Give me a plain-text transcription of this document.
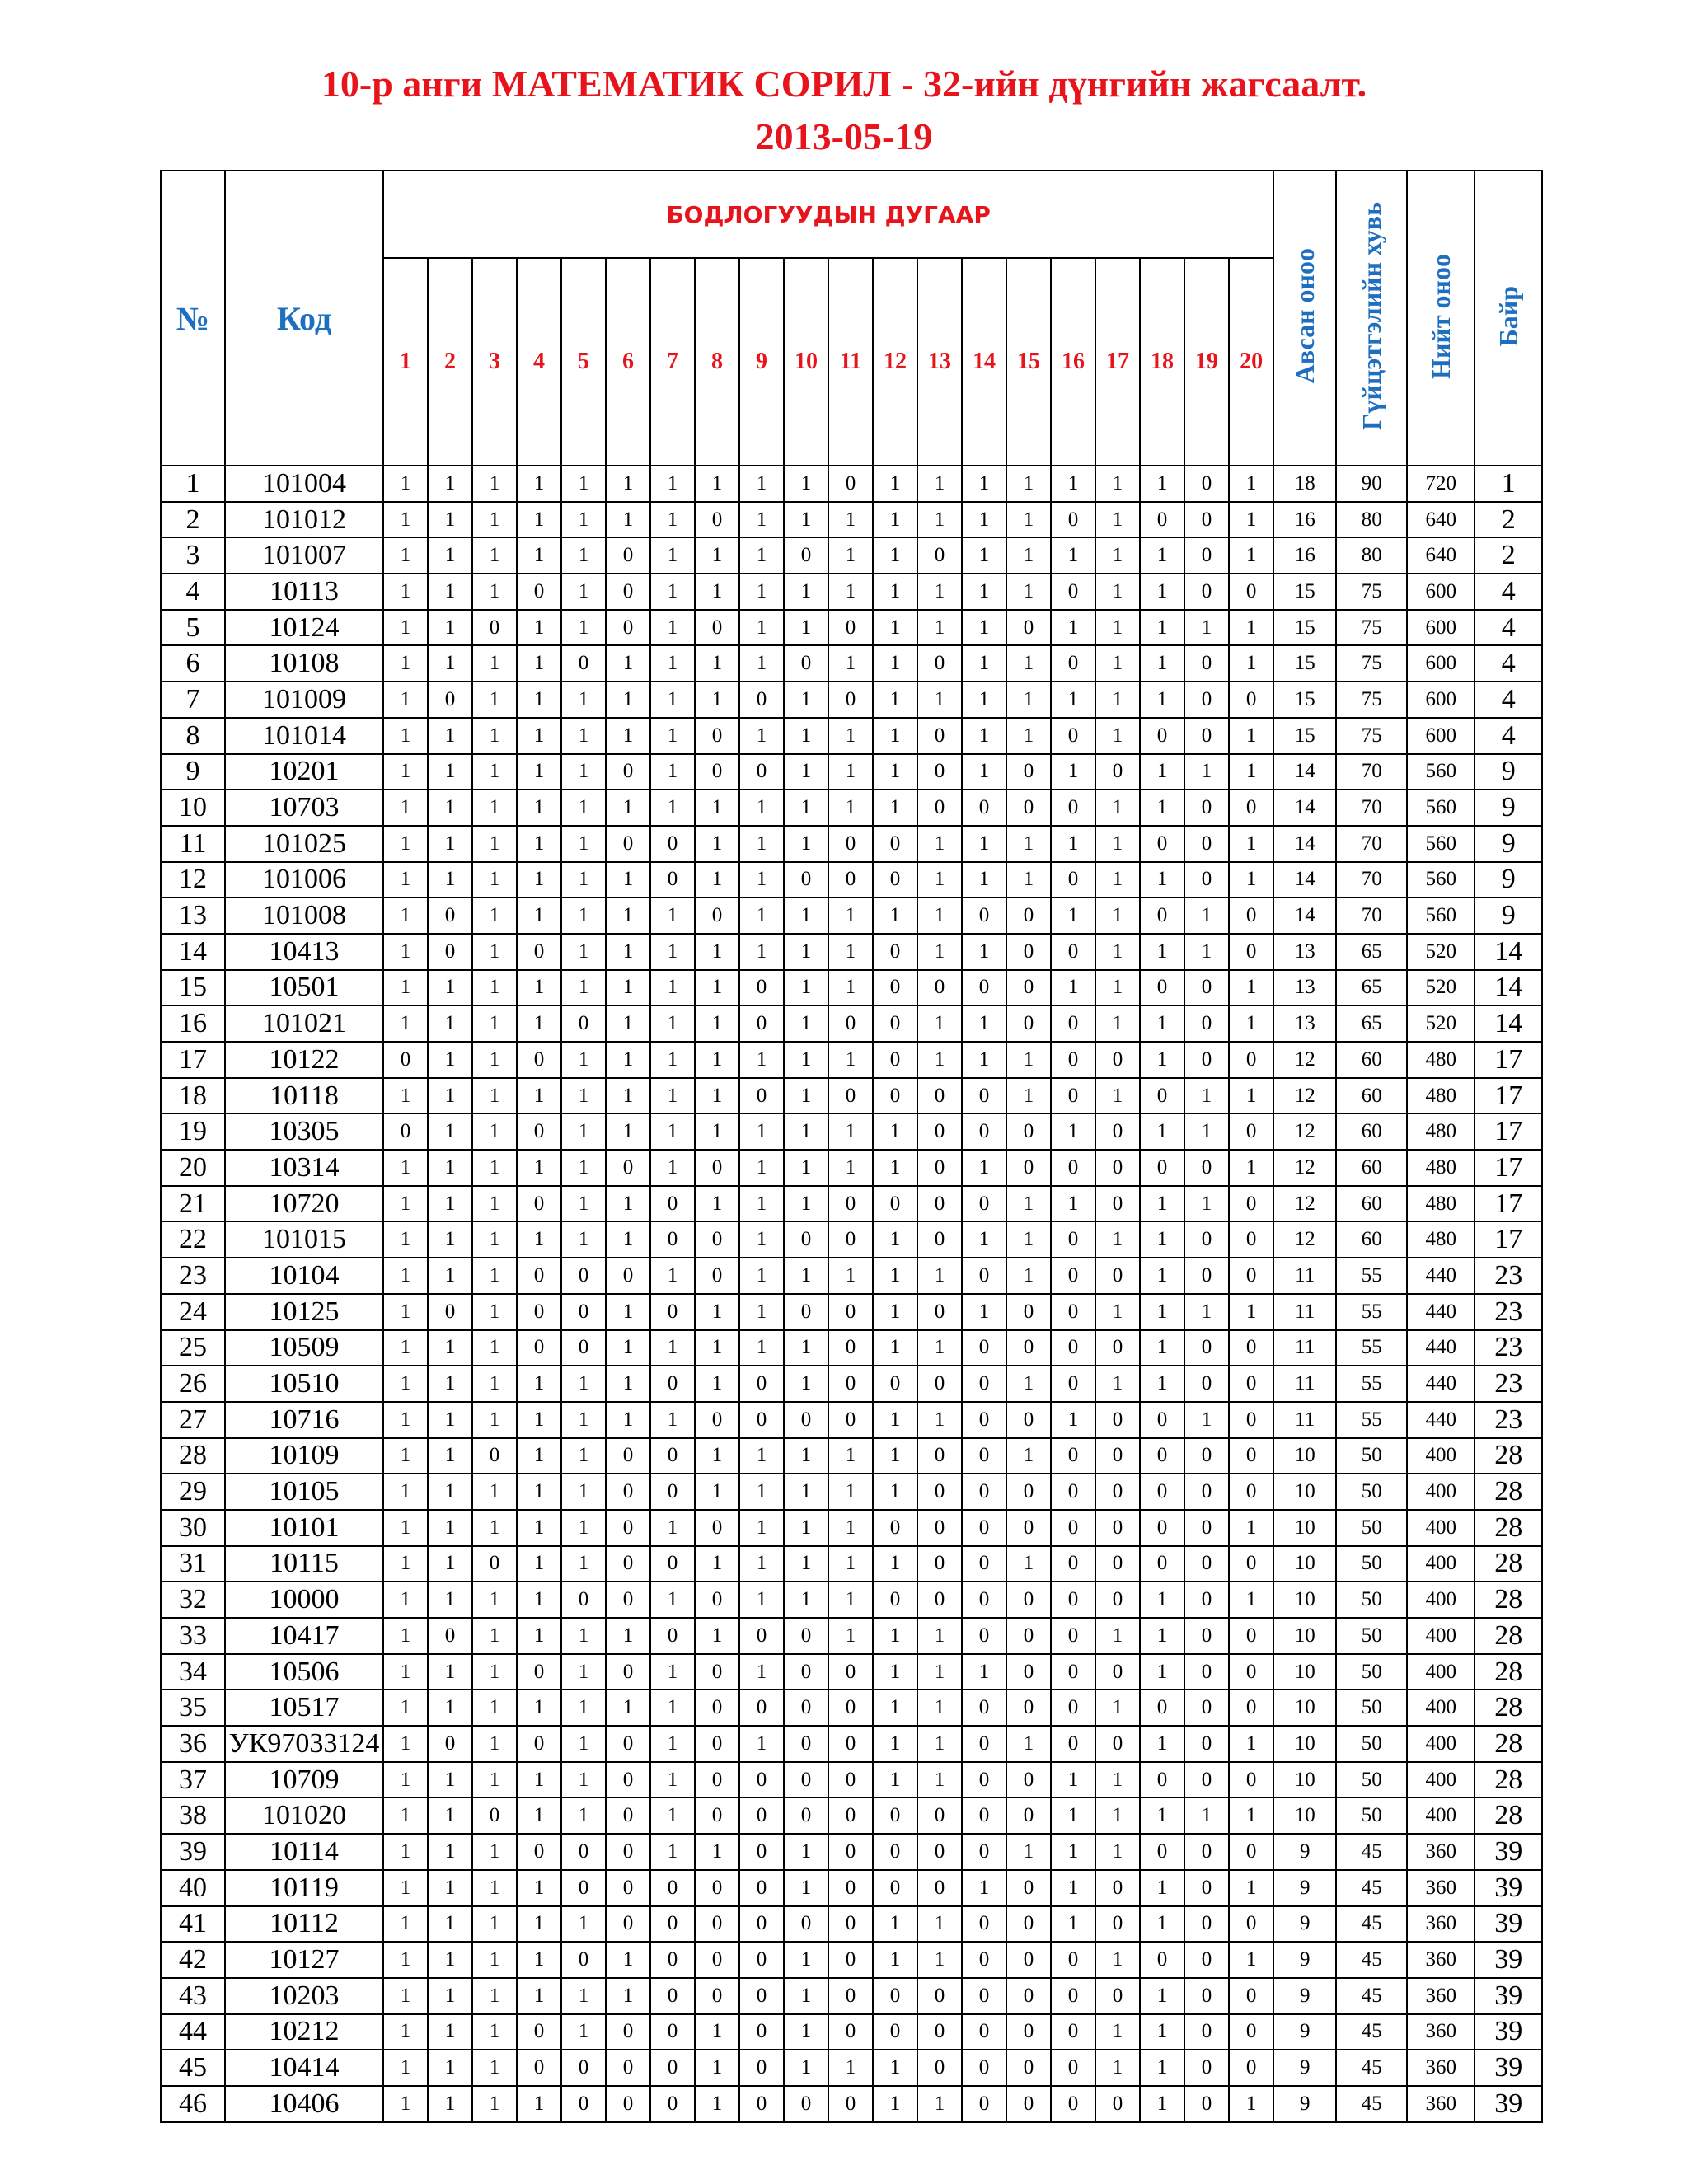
10-р анги МАТЕМАТИК СОРИЛ - 32-ийн дүнгийн жагсаалт.
2013-05-19
№	Код	БОДЛОГУУДЫН ДУГААР																				Авсан оноо	Гүйцэтгэлийн хувь	Нийт оноо	Байр
		1	2	3	4	5	6	7	8	9	10	11	12	13	14	15	16	17	18	19	20				
1	101004	1	1	1	1	1	1	1	1	1	1	0	1	1	1	1	1	1	1	0	1	18	90	720	1
2	101012	1	1	1	1	1	1	1	0	1	1	1	1	1	1	1	0	1	0	0	1	16	80	640	2
3	101007	1	1	1	1	1	0	1	1	1	0	1	1	0	1	1	1	1	1	0	1	16	80	640	2
4	10113	1	1	1	0	1	0	1	1	1	1	1	1	1	1	1	0	1	1	0	0	15	75	600	4
5	10124	1	1	0	1	1	0	1	0	1	1	0	1	1	1	0	1	1	1	1	1	15	75	600	4
6	10108	1	1	1	1	0	1	1	1	1	0	1	1	0	1	1	0	1	1	0	1	15	75	600	4
7	101009	1	0	1	1	1	1	1	1	0	1	0	1	1	1	1	1	1	1	0	0	15	75	600	4
8	101014	1	1	1	1	1	1	1	0	1	1	1	1	0	1	1	0	1	0	0	1	15	75	600	4
9	10201	1	1	1	1	1	0	1	0	0	1	1	1	0	1	0	1	0	1	1	1	14	70	560	9
10	10703	1	1	1	1	1	1	1	1	1	1	1	1	0	0	0	0	1	1	0	0	14	70	560	9
11	101025	1	1	1	1	1	0	0	1	1	1	0	0	1	1	1	1	1	0	0	1	14	70	560	9
12	101006	1	1	1	1	1	1	0	1	1	0	0	0	1	1	1	0	1	1	0	1	14	70	560	9
13	101008	1	0	1	1	1	1	1	0	1	1	1	1	1	0	0	1	1	0	1	0	14	70	560	9
14	10413	1	0	1	0	1	1	1	1	1	1	1	0	1	1	0	0	1	1	1	0	13	65	520	14
15	10501	1	1	1	1	1	1	1	1	0	1	1	0	0	0	0	1	1	0	0	1	13	65	520	14
16	101021	1	1	1	1	0	1	1	1	0	1	0	0	1	1	0	0	1	1	0	1	13	65	520	14
17	10122	0	1	1	0	1	1	1	1	1	1	1	0	1	1	1	0	0	1	0	0	12	60	480	17
18	10118	1	1	1	1	1	1	1	1	0	1	0	0	0	0	1	0	1	0	1	1	12	60	480	17
19	10305	0	1	1	0	1	1	1	1	1	1	1	1	0	0	0	1	0	1	1	0	12	60	480	17
20	10314	1	1	1	1	1	0	1	0	1	1	1	1	0	1	0	0	0	0	0	1	12	60	480	17
21	10720	1	1	1	0	1	1	0	1	1	1	0	0	0	0	1	1	0	1	1	0	12	60	480	17
22	101015	1	1	1	1	1	1	0	0	1	0	0	1	0	1	1	0	1	1	0	0	12	60	480	17
23	10104	1	1	1	0	0	0	1	0	1	1	1	1	1	0	1	0	0	1	0	0	11	55	440	23
24	10125	1	0	1	0	0	1	0	1	1	0	0	1	0	1	0	0	1	1	1	1	11	55	440	23
25	10509	1	1	1	0	0	1	1	1	1	1	0	1	1	0	0	0	0	1	0	0	11	55	440	23
26	10510	1	1	1	1	1	1	0	1	0	1	0	0	0	0	1	0	1	1	0	0	11	55	440	23
27	10716	1	1	1	1	1	1	1	0	0	0	0	1	1	0	0	1	0	0	1	0	11	55	440	23
28	10109	1	1	0	1	1	0	0	1	1	1	1	1	0	0	1	0	0	0	0	0	10	50	400	28
29	10105	1	1	1	1	1	0	0	1	1	1	1	1	0	0	0	0	0	0	0	0	10	50	400	28
30	10101	1	1	1	1	1	0	1	0	1	1	1	0	0	0	0	0	0	0	0	1	10	50	400	28
31	10115	1	1	0	1	1	0	0	1	1	1	1	1	0	0	1	0	0	0	0	0	10	50	400	28
32	10000	1	1	1	1	0	0	1	0	1	1	1	0	0	0	0	0	0	1	0	1	10	50	400	28
33	10417	1	0	1	1	1	1	0	1	0	0	1	1	1	0	0	0	1	1	0	0	10	50	400	28
34	10506	1	1	1	0	1	0	1	0	1	0	0	1	1	1	0	0	0	1	0	0	10	50	400	28
35	10517	1	1	1	1	1	1	1	0	0	0	0	1	1	0	0	0	1	0	0	0	10	50	400	28
36	УК97033124	1	0	1	0	1	0	1	0	1	0	0	1	1	0	1	0	0	1	0	1	10	50	400	28
37	10709	1	1	1	1	1	0	1	0	0	0	0	1	1	0	0	1	1	0	0	0	10	50	400	28
38	101020	1	1	0	1	1	0	1	0	0	0	0	0	0	0	0	1	1	1	1	1	10	50	400	28
39	10114	1	1	1	0	0	0	1	1	0	1	0	0	0	0	1	1	1	0	0	0	9	45	360	39
40	10119	1	1	1	1	0	0	0	0	0	1	0	0	0	1	0	1	0	1	0	1	9	45	360	39
41	10112	1	1	1	1	1	0	0	0	0	0	0	1	1	0	0	1	0	1	0	0	9	45	360	39
42	10127	1	1	1	1	0	1	0	0	0	1	0	1	1	0	0	0	1	0	0	1	9	45	360	39
43	10203	1	1	1	1	1	1	0	0	0	1	0	0	0	0	0	0	0	1	0	0	9	45	360	39
44	10212	1	1	1	0	1	0	0	1	0	1	0	0	0	0	0	0	1	1	0	0	9	45	360	39
45	10414	1	1	1	0	0	0	0	1	0	1	1	1	0	0	0	0	1	1	0	0	9	45	360	39
46	10406	1	1	1	1	0	0	0	1	0	0	0	1	1	0	0	0	0	1	0	1	9	45	360	39
